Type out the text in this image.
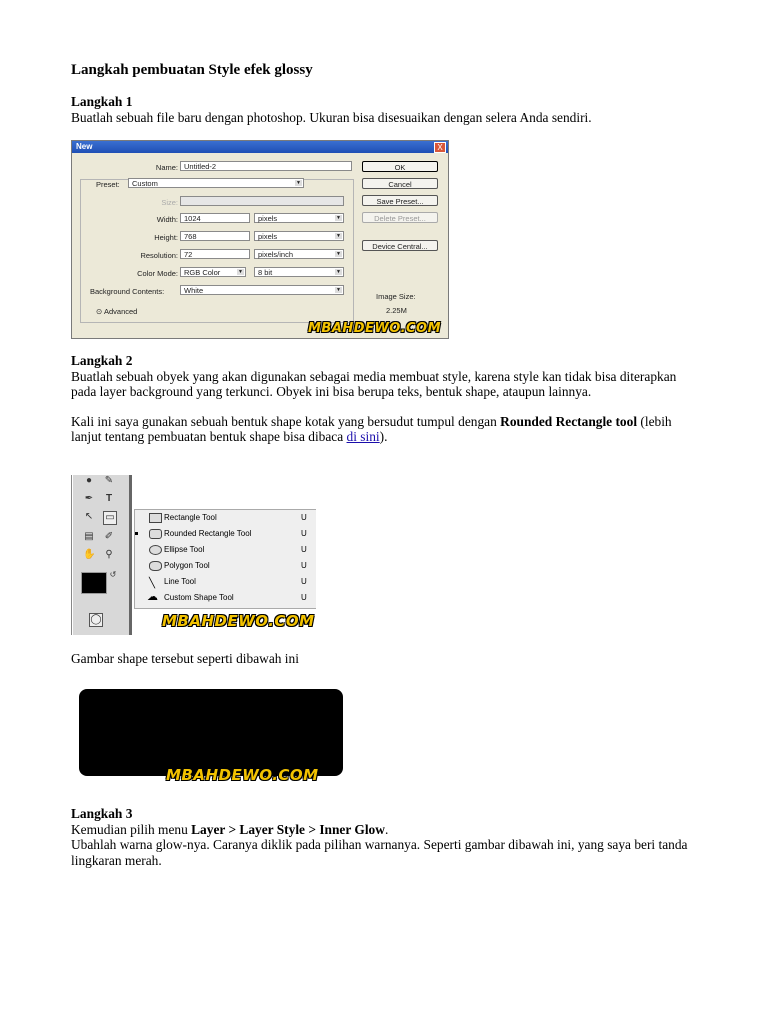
Langkah pembuatan Style efek glossy
Langkah 1
Buatlah sebuah file baru dengan photoshop. Ukuran bisa disesuaikan dengan selera Anda sendiri.
New	X
Name: Untitled-2
Preset:	Custom	▼
Size:
Width: 1024	pixels	▼
Height: 768	pixels	▼
Resolution: 72	pixels/inch	▼
Color Mode: RGB Color	▼	8 bit	▼
Background Contents:	White	▼
⊙ Advanced
OK
Cancel
Save Preset...
Delete Preset...
Device Central...
Image Size:
2.25M
MBAHDEWO.COM
Langkah 2
Buatlah sebuah obyek yang akan digunakan sebagai media membuat style, karena style kan tidak bisa diterapkan pada layer background yang terkunci. Obyek ini bisa berupa teks, bentuk shape, ataupun lainnya.
Kali ini saya gunakan sebuah bentuk shape kotak yang bersudut tumpul dengan Rounded Rectangle tool (lebih lanjut tentang pembuatan bentuk shape bisa dibaca di sini).
● ✎
✒ T
↖ ▭
▤ ✐
✋ ⚲
↺
◯
Rectangle Tool	U
Rounded Rectangle Tool	U
Ellipse Tool	U
Polygon Tool	U
╲ Line Tool	U
☁ Custom Shape Tool	U
MBAHDEWO.COM
Gambar shape tersebut seperti dibawah ini
MBAHDEWO.COM
Langkah 3
Kemudian pilih menu Layer > Layer Style > Inner Glow.
Ubahlah warna glow-nya. Caranya diklik pada pilihan warnanya. Seperti gambar dibawah ini, yang saya beri tanda lingkaran merah.
